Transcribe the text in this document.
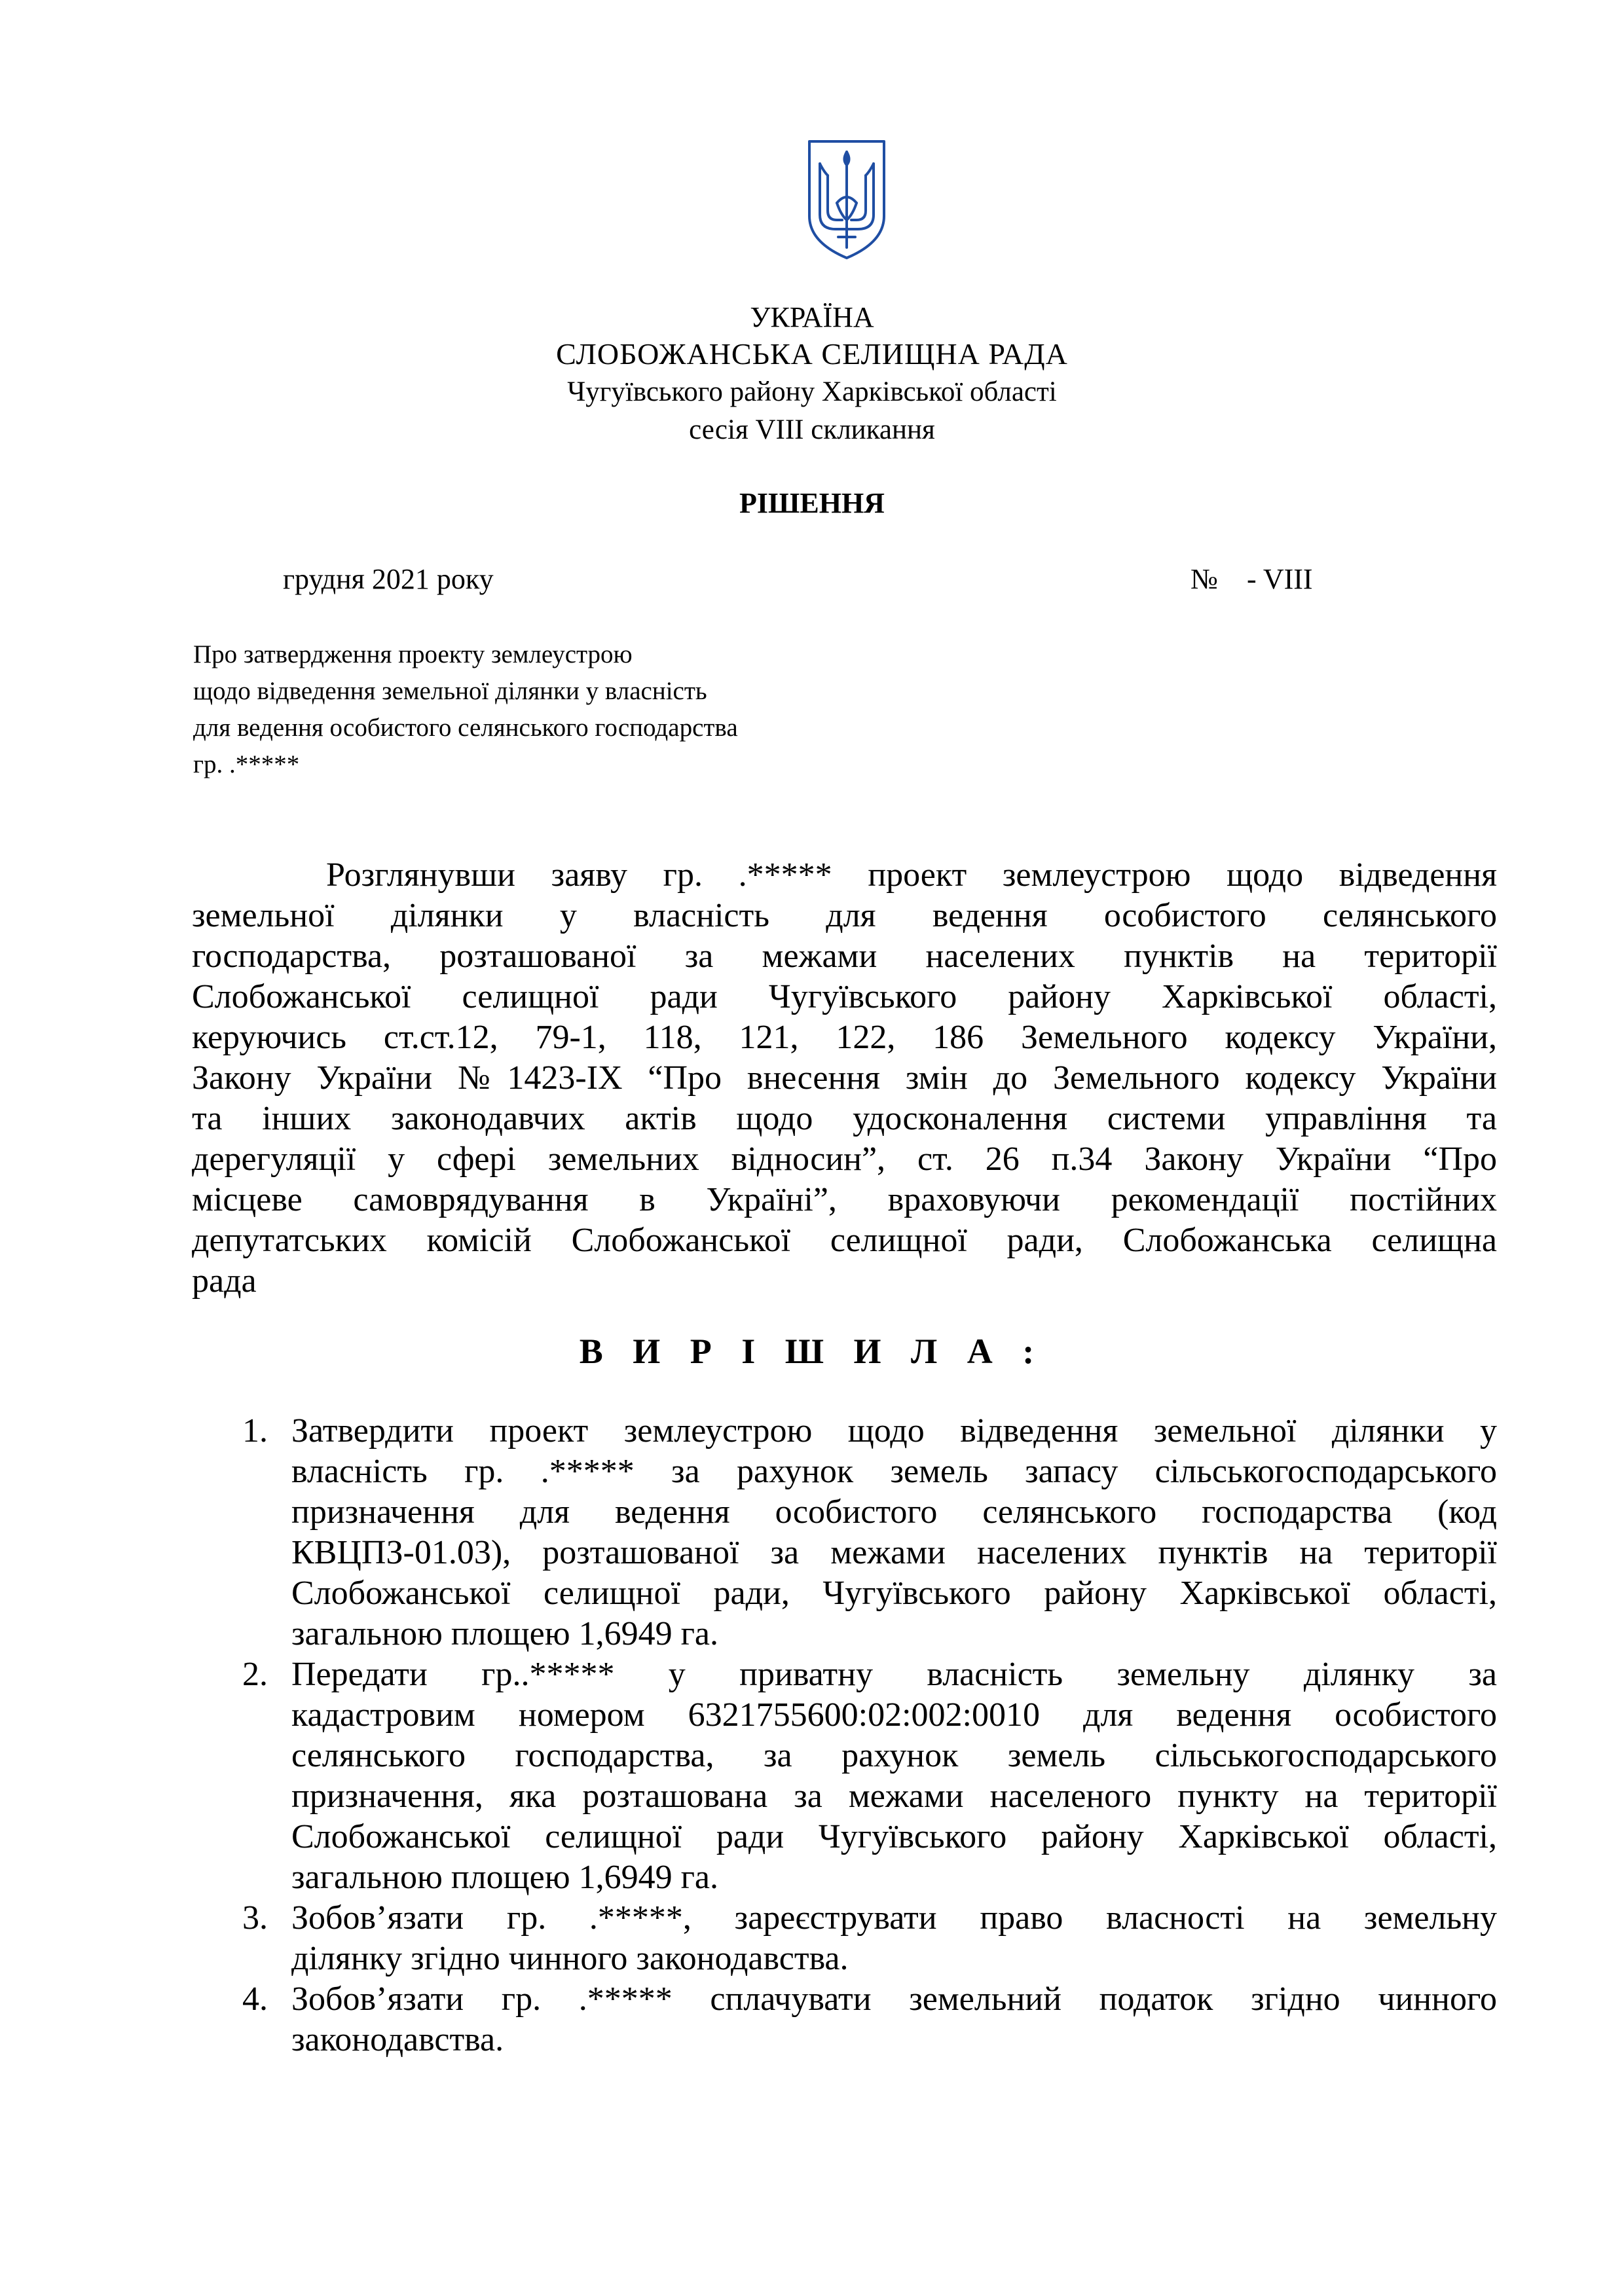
УКРАЇНА
СЛОБОЖАНСЬКА СЕЛИЩНА РАДА
Чугуївського району Харківської області
сесія VIII скликання
РІШЕННЯ
грудня 2021 року	№    - VIII
Про затвердження проекту землеустрою
щодо відведення земельної ділянки у власність
для ведення особистого селянського господарства
гр. .*****
Розглянувши заяву гр. .***** проект землеустрою щодо відведення
земельної ділянки у власність для ведення особистого селянського
господарства, розташованої за межами населених пунктів на території
Слобожанської селищної ради Чугуївського району Харківської області,
керуючись ст.ст.12, 79-1, 118, 121, 122, 186 Земельного кодексу України,
Закону України №1423-IX “Про внесення змін до Земельного кодексу України
та інших законодавчих актів щодо удосконалення системи управління та
дерегуляції у сфері земельних відносин”, ст. 26 п.34 Закону України “Про
місцеве самоврядування в Україні”, враховуючи рекомендації постійних
депутатських комісій Слобожанської селищної ради, Слобожанська селищна
рада
В И Р І Ш И Л А :
1. Затвердити проект землеустрою щодо відведення земельної ділянки у
власність гр. .***** за рахунок земель запасу сільськогосподарського
призначення для ведення особистого селянського господарства (код
КВЦПЗ-01.03), розташованої за межами населених пунктів на території
Слобожанської селищної ради, Чугуївського району Харківської області,
загальною площею 1,6949 га.
2. Передати гр..***** у приватну власність земельну ділянку за
кадастровим номером 6321755600:02:002:0010 для ведення особистого
селянського господарства, за рахунок земель сільськогосподарського
призначення, яка розташована за межами населеного пункту на території
Слобожанської селищної ради Чугуївського району Харківської області,
загальною площею 1,6949 га.
3. Зобов’язати гр. .*****, зареєструвати право власності на земельну
ділянку згідно чинного законодавства.
4. Зобов’язати гр. .***** сплачувати земельний податок згідно чинного
законодавства.
